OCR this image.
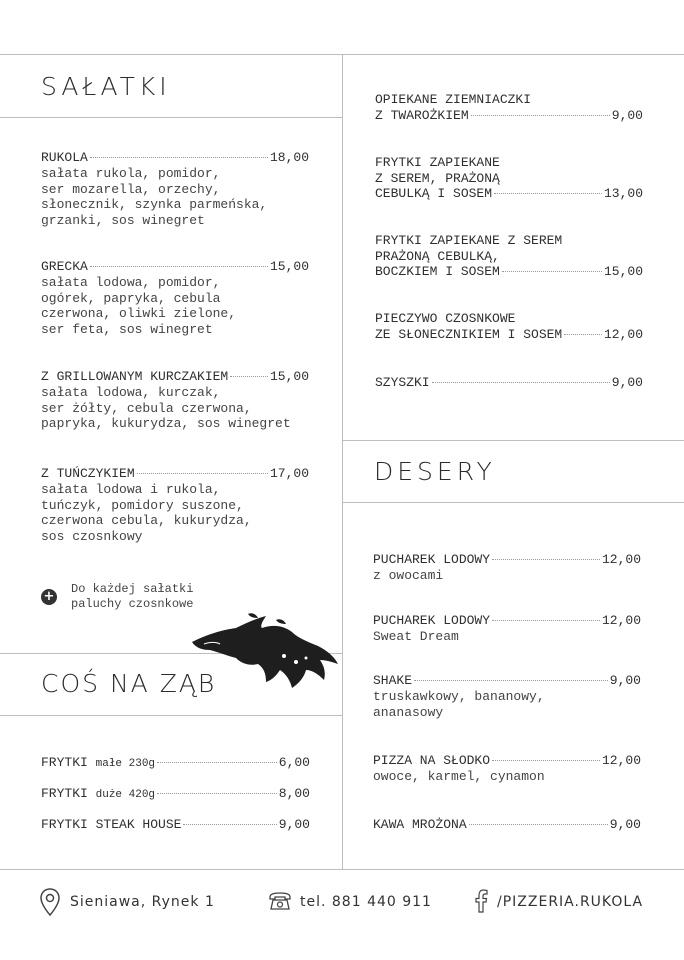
SAŁATKI
RUKOLA	18,00
sałata rukola, pomidor,
ser mozarella, orzechy,
słonecznik, szynka parmeńska,
grzanki, sos winegret
GRECKA	15,00
sałata lodowa, pomidor,
ogórek, papryka, cebula
czerwona, oliwki zielone,
ser feta, sos winegret
Z GRILLOWANYM KURCZAKIEM	15,00
sałata lodowa, kurczak,
ser żółty, cebula czerwona,
papryka, kukurydza, sos winegret
Z TUŃCZYKIEM	17,00
sałata lodowa i rukola,
tuńczyk, pomidory suszone,
czerwona cebula, kukurydza,
sos czosnkowy
+ Do każdej sałatki
paluchy czosnkowe
COŚ NA ZĄB
FRYTKI
małe 230g	6,00
FRYTKI
duże 420g	8,00
FRYTKI STEAK HOUSE	9,00
OPIEKANE ZIEMNIACZKI
Z TWAROŻKIEM	9,00
FRYTKI ZAPIEKANE
Z SEREM, PRAŻONĄ
CEBULKĄ I SOSEM	13,00
FRYTKI ZAPIEKANE Z SEREM
PRAŻONĄ CEBULKĄ,
BOCZKIEM I SOSEM	15,00
PIECZYWO CZOSNKOWE
ZE SŁONECZNIKIEM I SOSEM	12,00
SZYSZKI	9,00
DESERY
PUCHAREK LODOWY	12,00
z owocami
PUCHAREK LODOWY	12,00
Sweat Dream
SHAKE	9,00
truskawkowy, bananowy,
ananasowy
PIZZA NA SŁODKO	12,00
owoce, karmel, cynamon
KAWA MROŻONA	9,00
Sieniawa, Rynek 1	tel. 881 440 911	/PIZZERIA.RUKOLA
